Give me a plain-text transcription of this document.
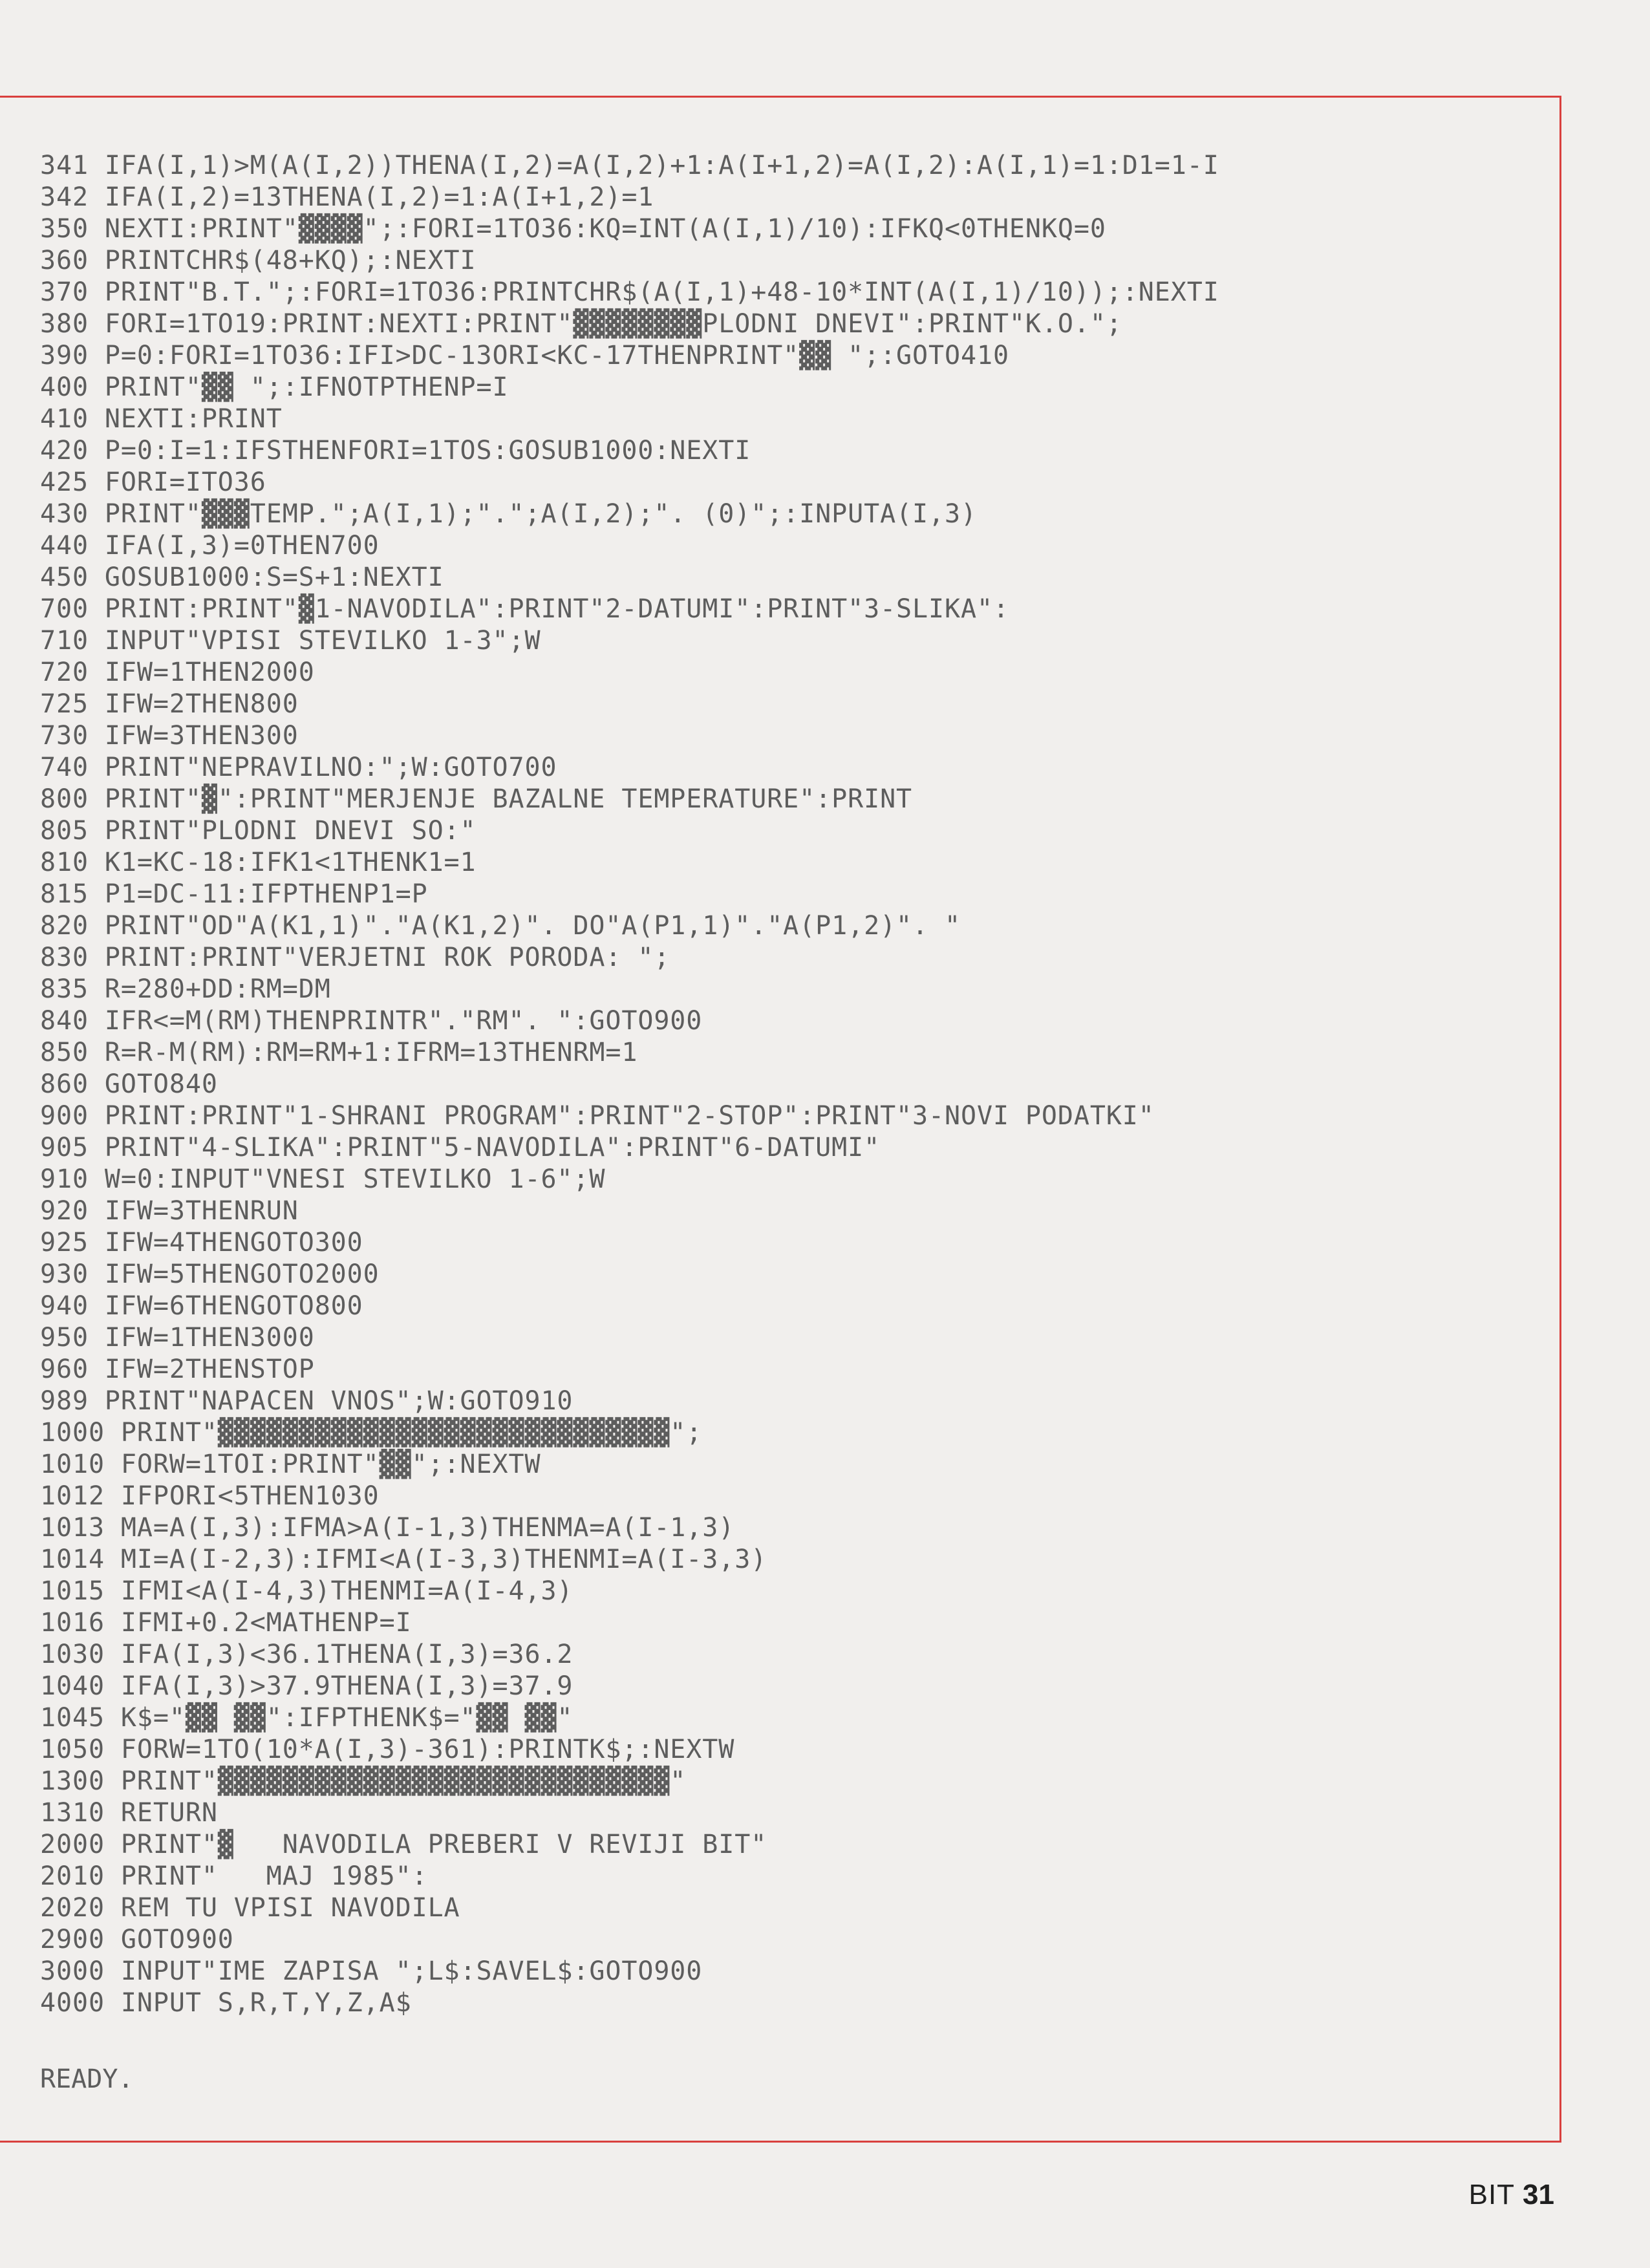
341 IFA(I,1)>M(A(I,2))THENA(I,2)=A(I,2)+1:A(I+1,2)=A(I,2):A(I,1)=1:D1=1-I
342 IFA(I,2)=13THENA(I,2)=1:A(I+1,2)=1
350 NEXTI:PRINT"▓▓▓▓";:FORI=1TO36:KQ=INT(A(I,1)/10):IFKQ<0THENKQ=0
360 PRINTCHR$(48+KQ);:NEXTI
370 PRINT"B.T.";:FORI=1TO36:PRINTCHR$(A(I,1)+48-10*INT(A(I,1)/10));:NEXTI
380 FORI=1TO19:PRINT:NEXTI:PRINT"▓▓▓▓▓▓▓▓PLODNI DNEVI":PRINT"K.O.";
390 P=0:FORI=1TO36:IFI>DC-13ORI<KC-17THENPRINT"▓▓ ";:GOTO410
400 PRINT"▓▓ ";:IFNOTPTHENP=I
410 NEXTI:PRINT
420 P=0:I=1:IFSTHENFORI=1TOS:GOSUB1000:NEXTI
425 FORI=ITO36
430 PRINT"▓▓▓TEMP.";A(I,1);".";A(I,2);". (0)";:INPUTA(I,3)
440 IFA(I,3)=0THEN700
450 GOSUB1000:S=S+1:NEXTI
700 PRINT:PRINT"▓1-NAVODILA":PRINT"2-DATUMI":PRINT"3-SLIKA":
710 INPUT"VPISI STEVILKO 1-3";W
720 IFW=1THEN2000
725 IFW=2THEN800
730 IFW=3THEN300
740 PRINT"NEPRAVILNO:";W:GOTO700
800 PRINT"▓":PRINT"MERJENJE BAZALNE TEMPERATURE":PRINT
805 PRINT"PLODNI DNEVI SO:"
810 K1=KC-18:IFK1<1THENK1=1
815 P1=DC-11:IFPTHENP1=P
820 PRINT"OD"A(K1,1)"."A(K1,2)". DO"A(P1,1)"."A(P1,2)". "
830 PRINT:PRINT"VERJETNI ROK PORODA: ";
835 R=280+DD:RM=DM
840 IFR<=M(RM)THENPRINTR"."RM". ":GOTO900
850 R=R-M(RM):RM=RM+1:IFRM=13THENRM=1
860 GOTO840
900 PRINT:PRINT"1-SHRANI PROGRAM":PRINT"2-STOP":PRINT"3-NOVI PODATKI"
905 PRINT"4-SLIKA":PRINT"5-NAVODILA":PRINT"6-DATUMI"
910 W=0:INPUT"VNESI STEVILKO 1-6";W
920 IFW=3THENRUN
925 IFW=4THENGOTO300
930 IFW=5THENGOTO2000
940 IFW=6THENGOTO800
950 IFW=1THEN3000
960 IFW=2THENSTOP
989 PRINT"NAPACEN VNOS";W:GOTO910
1000 PRINT"▓▓▓▓▓▓▓▓▓▓▓▓▓▓▓▓▓▓▓▓▓▓▓▓▓▓▓▓";
1010 FORW=1TOI:PRINT"▓▓";:NEXTW
1012 IFPORI<5THEN1030
1013 MA=A(I,3):IFMA>A(I-1,3)THENMA=A(I-1,3)
1014 MI=A(I-2,3):IFMI<A(I-3,3)THENMI=A(I-3,3)
1015 IFMI<A(I-4,3)THENMI=A(I-4,3)
1016 IFMI+0.2<MATHENP=I
1030 IFA(I,3)<36.1THENA(I,3)=36.2
1040 IFA(I,3)>37.9THENA(I,3)=37.9
1045 K$="▓▓ ▓▓":IFPTHENK$="▓▓ ▓▓"
1050 FORW=1TO(10*A(I,3)-361):PRINTK$;:NEXTW
1300 PRINT"▓▓▓▓▓▓▓▓▓▓▓▓▓▓▓▓▓▓▓▓▓▓▓▓▓▓▓▓"
1310 RETURN
2000 PRINT"▓   NAVODILA PREBERI V REVIJI BIT"
2010 PRINT"   MAJ 1985":
2020 REM TU VPISI NAVODILA
2900 GOTO900
3000 INPUT"IME ZAPISA ";L$:SAVEL$:GOTO900
4000 INPUT S,R,T,Y,Z,A$

READY.

BIT 31
